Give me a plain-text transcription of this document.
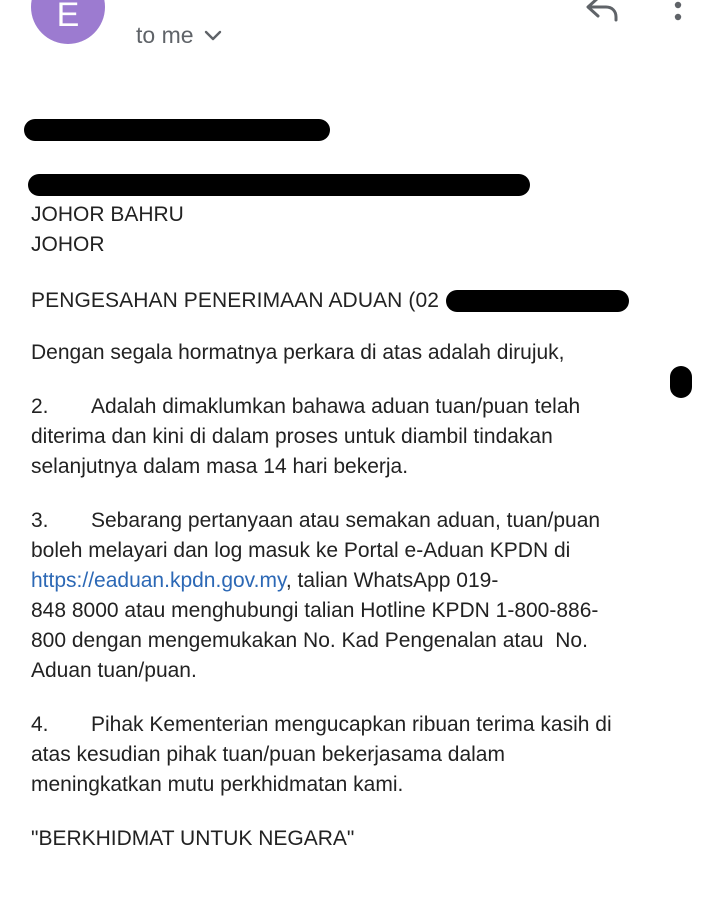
E
to me
JOHOR BAHRU
JOHOR
PENGESAHAN PENERIMAAN ADUAN (02
Dengan segala hormatnya perkara di atas adalah dirujuk,
2. Adalah dimaklumkan bahawa aduan tuan/puan telah
diterima dan kini di dalam proses untuk diambil tindakan
selanjutnya dalam masa 14 hari bekerja.
3. Sebarang pertanyaan atau semakan aduan, tuan/puan
boleh melayari dan log masuk ke Portal e-Aduan KPDN di
https://eaduan.kpdn.gov.my, talian WhatsApp 019-
848 8000 atau menghubungi talian Hotline KPDN 1-800-886-
800 dengan mengemukakan No. Kad Pengenalan atau  No.
Aduan tuan/puan.
4. Pihak Kementerian mengucapkan ribuan terima kasih di
atas kesudian pihak tuan/puan bekerjasama dalam
meningkatkan mutu perkhidmatan kami.
"BERKHIDMAT UNTUK NEGARA"
